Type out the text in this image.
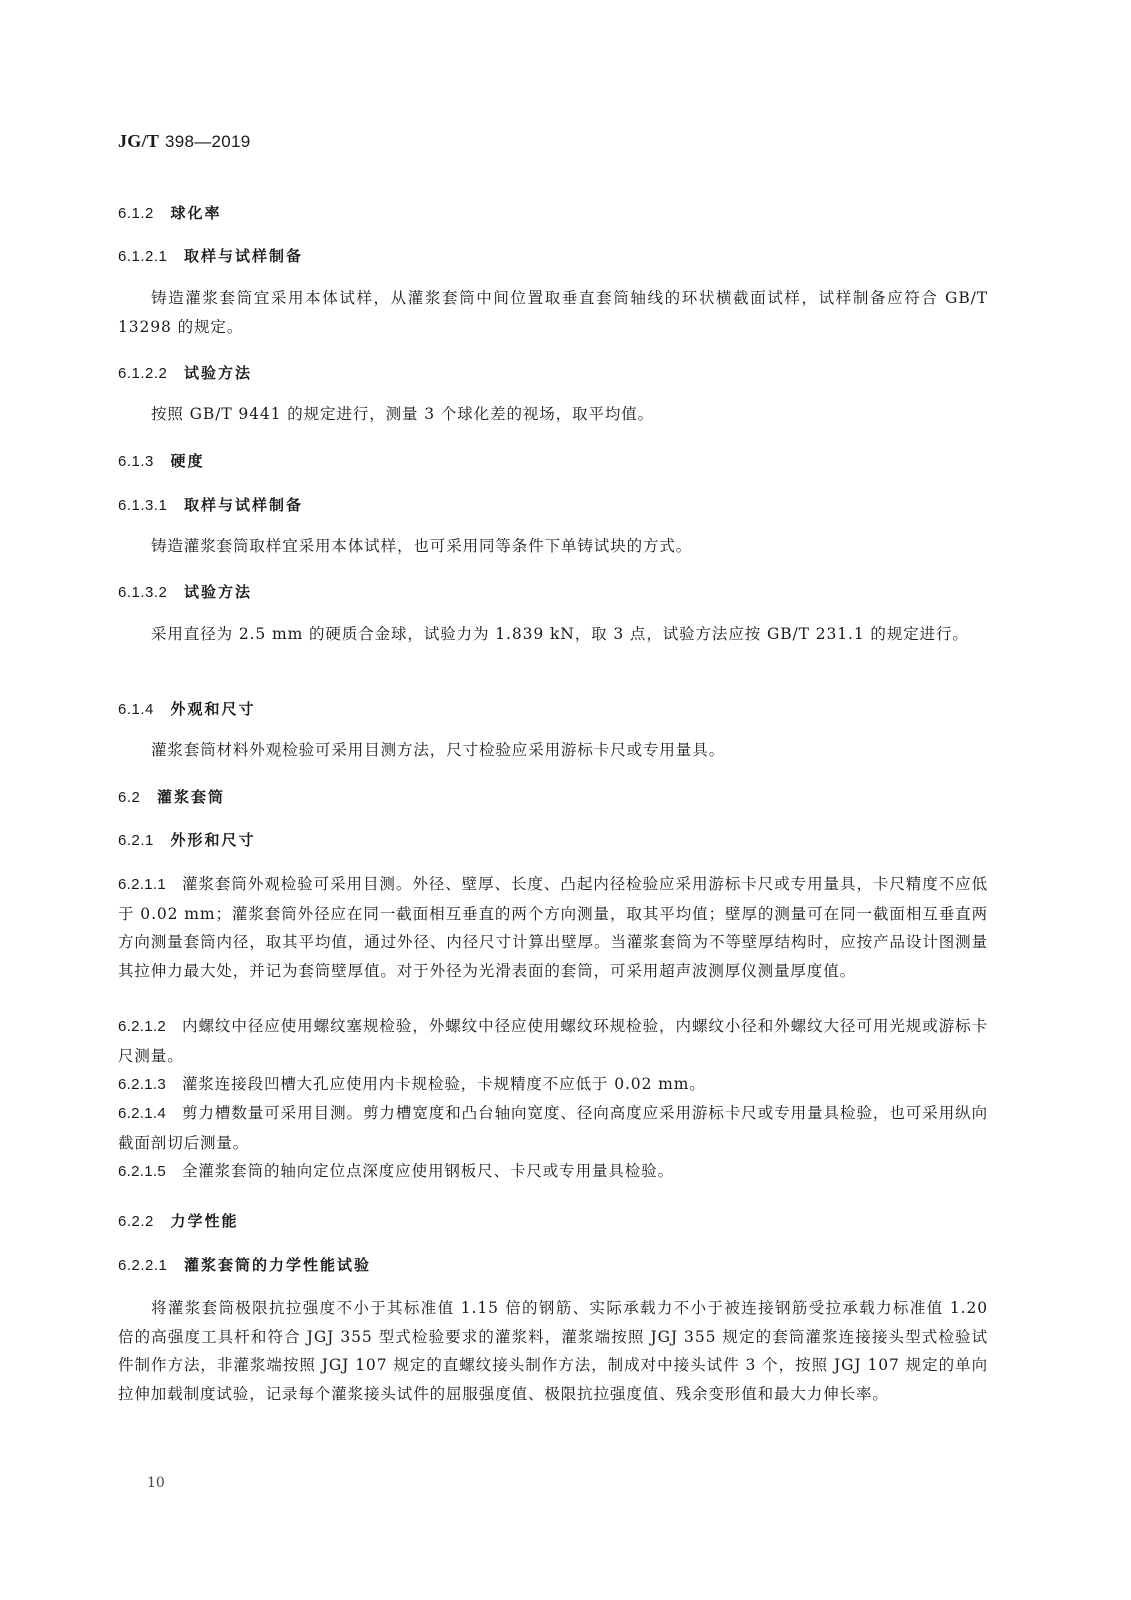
JG/T 398—2019
6.1.2 球化率
6.1.2.1 取样与试样制备
铸造灌浆套筒宜采用本体试样，从灌浆套筒中间位置取垂直套筒轴线的环状横截面试样，试样制备应符合 GB/T 13298 的规定。
6.1.2.2 试验方法
按照 GB/T 9441 的规定进行，测量 3 个球化差的视场，取平均值。
6.1.3 硬度
6.1.3.1 取样与试样制备
铸造灌浆套筒取样宜采用本体试样，也可采用同等条件下单铸试块的方式。
6.1.3.2 试验方法
采用直径为 2.5 mm 的硬质合金球，试验力为 1.839 kN，取 3 点，试验方法应按 GB/T 231.1 的规定进行。
6.1.4 外观和尺寸
灌浆套筒材料外观检验可采用目测方法，尺寸检验应采用游标卡尺或专用量具。
6.2 灌浆套筒
6.2.1 外形和尺寸
6.2.1.1 灌浆套筒外观检验可采用目测。外径、壁厚、长度、凸起内径检验应采用游标卡尺或专用量具，卡尺精度不应低于 0.02 mm；灌浆套筒外径应在同一截面相互垂直的两个方向测量，取其平均值；壁厚的测量可在同一截面相互垂直两方向测量套筒内径，取其平均值，通过外径、内径尺寸计算出壁厚。当灌浆套筒为不等壁厚结构时，应按产品设计图测量其拉伸力最大处，并记为套筒壁厚值。对于外径为光滑表面的套筒，可采用超声波测厚仪测量厚度值。
6.2.1.2 内螺纹中径应使用螺纹塞规检验，外螺纹中径应使用螺纹环规检验，内螺纹小径和外螺纹大径可用光规或游标卡尺测量。
6.2.1.3 灌浆连接段凹槽大孔应使用内卡规检验，卡规精度不应低于 0.02 mm。
6.2.1.4 剪力槽数量可采用目测。剪力槽宽度和凸台轴向宽度、径向高度应采用游标卡尺或专用量具检验，也可采用纵向截面剖切后测量。
6.2.1.5 全灌浆套筒的轴向定位点深度应使用钢板尺、卡尺或专用量具检验。
6.2.2 力学性能
6.2.2.1 灌浆套筒的力学性能试验
将灌浆套筒极限抗拉强度不小于其标准值 1.15 倍的钢筋、实际承载力不小于被连接钢筋受拉承载力标准值 1.20 倍的高强度工具杆和符合 JGJ 355 型式检验要求的灌浆料，灌浆端按照 JGJ 355 规定的套筒灌浆连接接头型式检验试件制作方法，非灌浆端按照 JGJ 107 规定的直螺纹接头制作方法，制成对中接头试件 3 个，按照 JGJ 107 规定的单向拉伸加载制度试验，记录每个灌浆接头试件的屈服强度值、极限抗拉强度值、残余变形值和最大力伸长率。
10
